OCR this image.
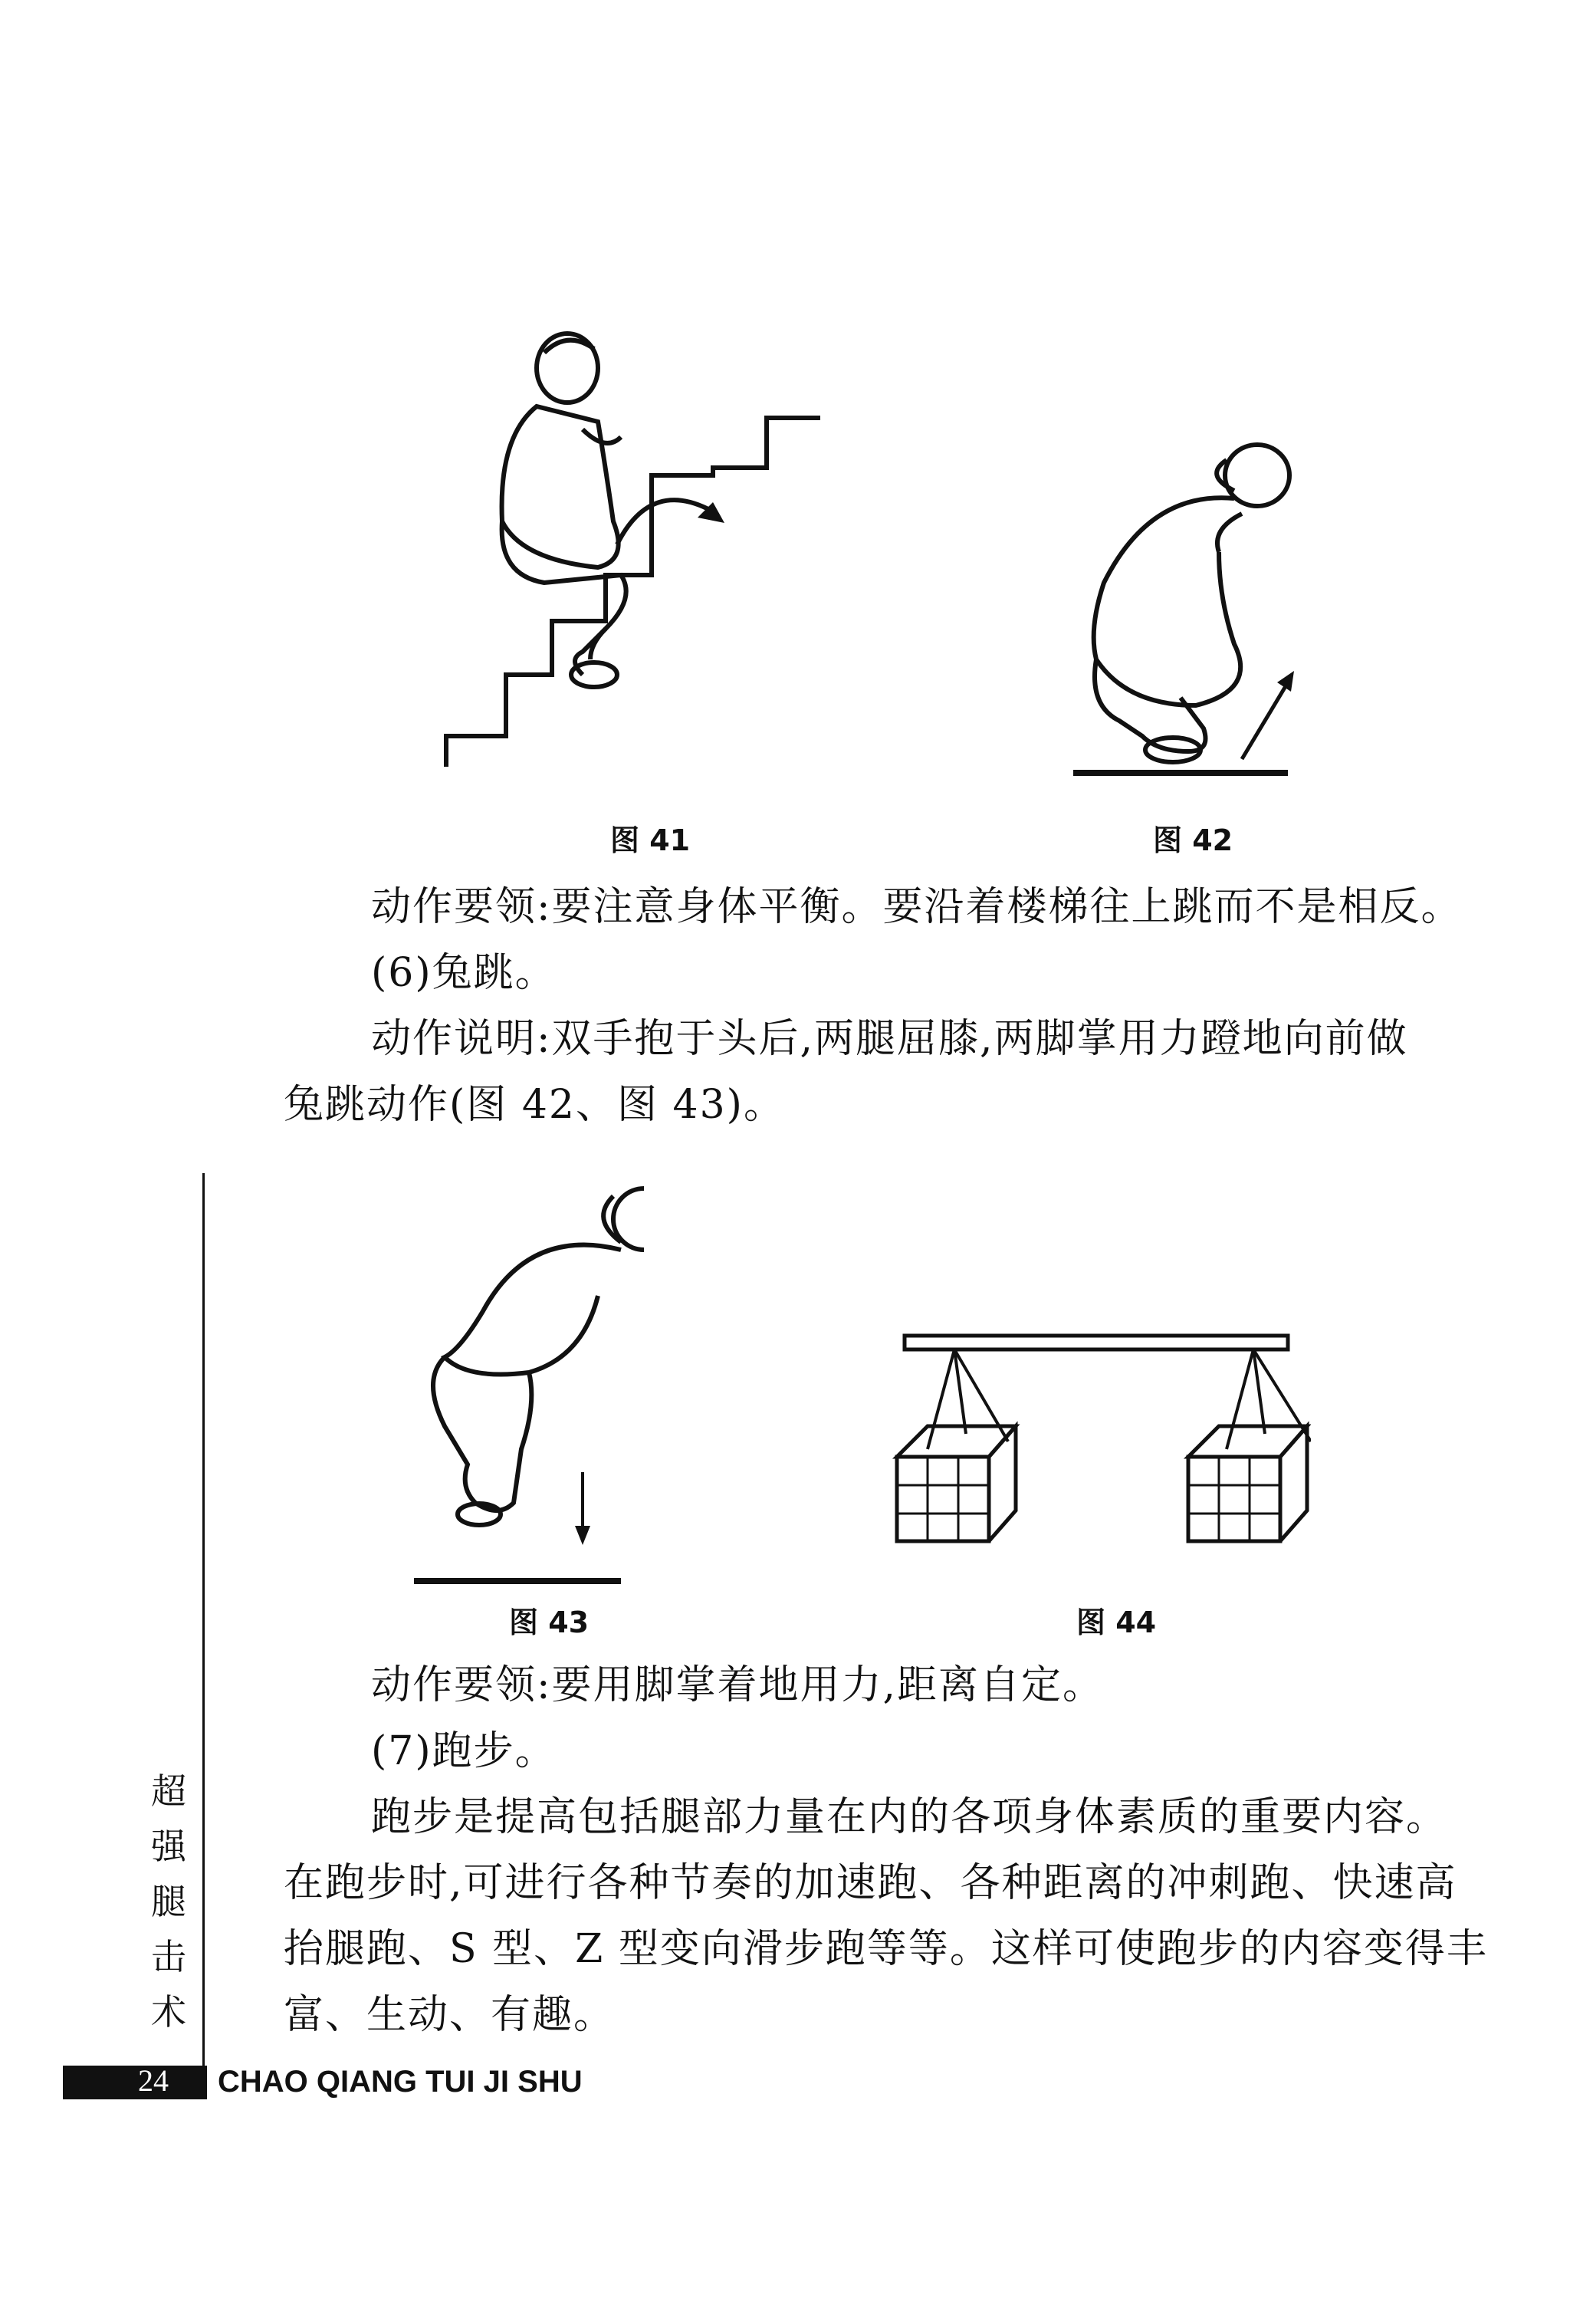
图 41	图 42
动作要领:要注意身体平衡。要沿着楼梯往上跳而不是相反。
(6)兔跳。
动作说明:双手抱于头后,两腿屈膝,两脚掌用力蹬地向前做
兔跳动作(图 42、图 43)。
图 43	图 44
动作要领:要用脚掌着地用力,距离自定。
(7)跑步。
跑步是提高包括腿部力量在内的各项身体素质的重要内容。
在跑步时,可进行各种节奏的加速跑、各种距离的冲刺跑、快速高
抬腿跑、S 型、Z 型变向滑步跑等等。这样可使跑步的内容变得丰
富、生动、有趣。
超
强
腿
击
术
24 CHAO QIANG TUI JI SHU
